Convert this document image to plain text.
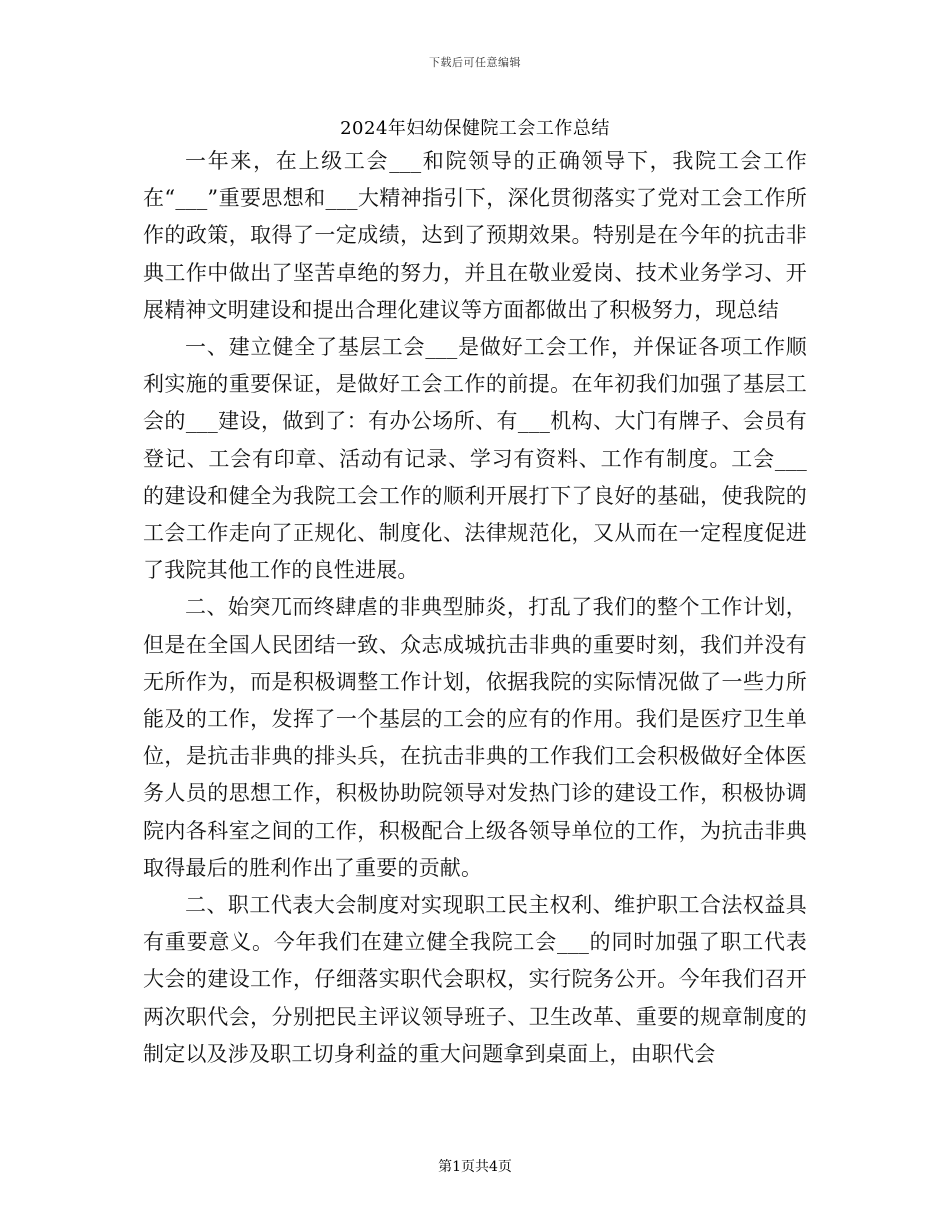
下载后可任意编辑
2024年妇幼保健院工会工作总结

一年来，在上级工会___和院领导的正确领导下，我院工会工作在“___”重要思想和___大精神指引下，深化贯彻落实了党对工会工作所作的政策，取得了一定成绩，达到了预期效果。特别是在今年的抗击非典工作中做出了坚苦卓绝的努力，并且在敬业爱岗、技术业务学习、开展精神文明建设和提出合理化建议等方面都做出了积极努力，现总结

一、建立健全了基层工会___是做好工会工作，并保证各项工作顺利实施的重要保证，是做好工会工作的前提。在年初我们加强了基层工会的___建设，做到了：有办公场所、有___机构、大门有牌子、会员有登记、工会有印章、活动有记录、学习有资料、工作有制度。工会___的建设和健全为我院工会工作的顺利开展打下了良好的基础，使我院的工会工作走向了正规化、制度化、法律规范化，又从而在一定程度促进了我院其他工作的良性进展。

二、始突兀而终肆虐的非典型肺炎，打乱了我们的整个工作计划，但是在全国人民团结一致、众志成城抗击非典的重要时刻，我们并没有无所作为，而是积极调整工作计划，依据我院的实际情况做了一些力所能及的工作，发挥了一个基层的工会的应有的作用。我们是医疗卫生单位，是抗击非典的排头兵，在抗击非典的工作我们工会积极做好全体医务人员的思想工作，积极协助院领导对发热门诊的建设工作，积极协调院内各科室之间的工作，积极配合上级各领导单位的工作，为抗击非典取得最后的胜利作出了重要的贡献。

二、职工代表大会制度对实现职工民主权利、维护职工合法权益具有重要意义。今年我们在建立健全我院工会___的同时加强了职工代表大会的建设工作，仔细落实职代会职权，实行院务公开。今年我们召开两次职代会，分别把民主评议领导班子、卫生改革、重要的规章制度的制定以及涉及职工切身利益的重大问题拿到桌面上，由职代会

第1页共4页
